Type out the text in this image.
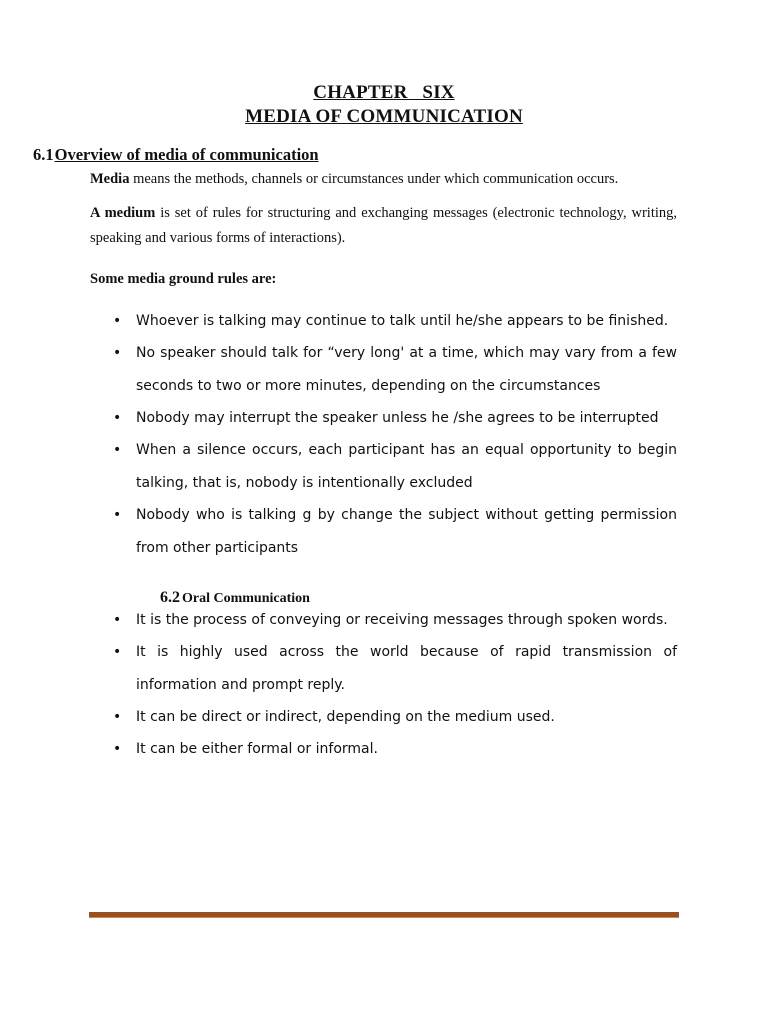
CHAPTER   SIX
MEDIA OF COMMUNICATION
6.1Overview of media of communication
Media means the methods, channels or circumstances under which communication occurs.
A medium is set of rules for structuring and exchanging messages (electronic technology, writing, speaking and various forms of interactions).
Some media ground rules are:
• Whoever is talking may continue to talk until he/she appears to be finished.
• No speaker should talk for “very long' at a time, which may vary from a few seconds to two or more minutes, depending on the circumstances
• Nobody may interrupt the speaker unless he /she agrees to be interrupted
• When a silence occurs, each participant has an equal opportunity to begin talking, that is, nobody is intentionally excluded
• Nobody who is talking g by change the subject without getting permission from other participants
6.2 Oral Communication
• It is the process of conveying or receiving messages through spoken words.
• It is highly used across the world because of rapid transmission of information and prompt reply.
• It can be direct or indirect, depending on the medium used.
• It can be either formal or informal.
